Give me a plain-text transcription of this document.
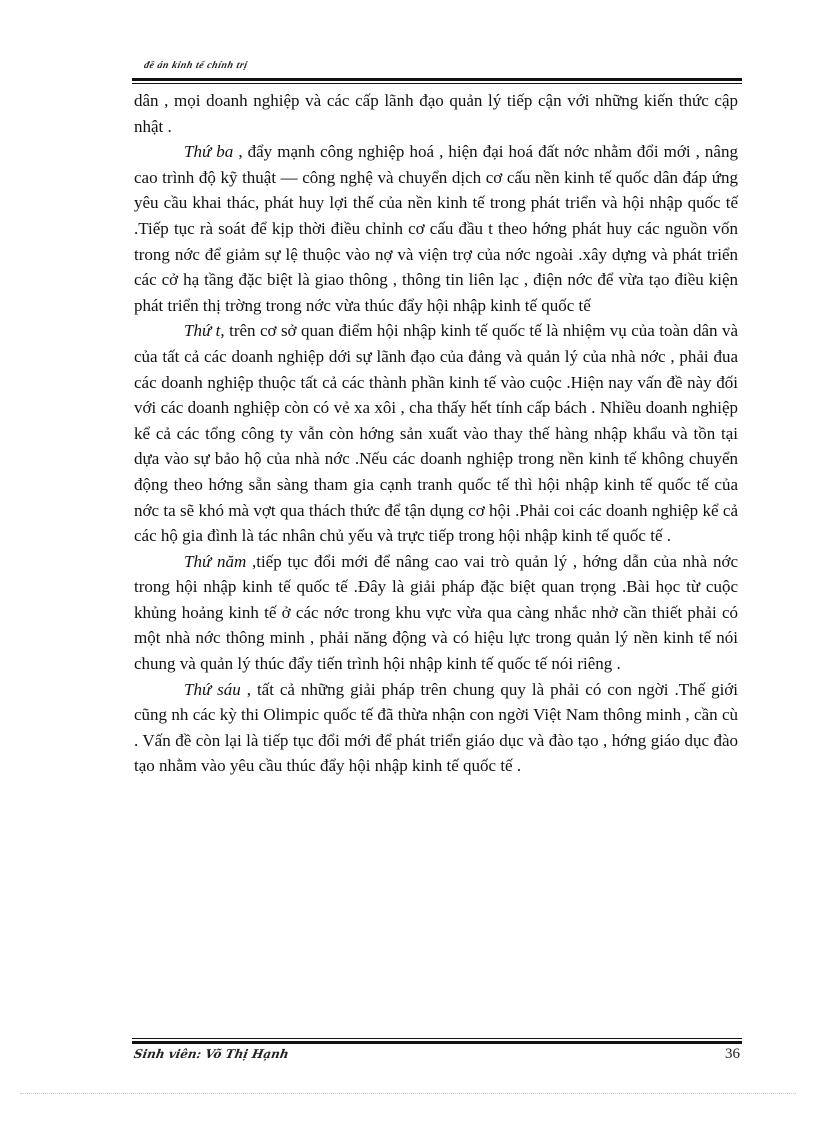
đề án kinh tế chính trị

dân , mọi doanh nghiệp và các cấp lãnh đạo quản lý tiếp cận với những kiến thức cập nhật .

Thứ ba , đẩy mạnh công nghiệp hoá , hiện đại hoá đất nớc nhằm đổi mới , nâng cao trình độ kỹ thuật — công nghệ và chuyển dịch cơ cấu nền kinh tế quốc dân đáp ứng yêu cầu khai thác, phát huy lợi thế của nền kinh tế trong phát triển và hội nhập quốc tế .Tiếp tục rà soát để kịp thời điều chỉnh cơ cấu đầu t theo hớng phát huy các nguồn vốn trong nớc để giảm sự lệ thuộc vào nợ và viện trợ của nớc ngoài .xây dựng và phát triển các cở hạ tầng đặc biệt là giao thông , thông tin liên lạc , điện nớc để vừa tạo điều kiện phát triển thị trờng trong nớc vừa thúc đẩy hội nhập kinh tế quốc tế

Thứ t, trên cơ sở quan điểm hội nhập kinh tế quốc tế là nhiệm vụ của toàn dân và của tất cả các doanh nghiệp dới sự lãnh đạo của đảng và quản lý của nhà nớc , phải đua các doanh nghiệp thuộc tất cả các thành phần kinh tế vào cuộc .Hiện nay vấn đề này đối với các doanh nghiệp còn có vẻ xa xôi , cha thấy hết tính cấp bách . Nhiều doanh nghiệp kể cả các tổng công ty vẫn còn hớng sản xuất vào thay thế hàng nhập khẩu và tồn tại dựa vào sự bảo hộ của nhà nớc .Nếu các doanh nghiệp trong nền kinh tế không chuyển động theo hớng sẵn sàng tham gia cạnh tranh quốc tế thì hội nhập kinh tế quốc tế của nớc ta sẽ khó mà vợt qua thách thức để tận dụng cơ hội .Phải coi các doanh nghiệp kể cả các hộ gia đình là tác nhân chủ yếu và trực tiếp trong hội nhập kinh tế quốc tế .

Thứ năm ,tiếp tục đổi mới để nâng cao vai trò quản lý , hớng dẫn của nhà nớc trong hội nhập kinh tế quốc tế .Đây là giải pháp đặc biệt quan trọng .Bài học từ cuộc khủng hoảng kinh tế ở các nớc trong khu vực vừa qua càng nhắc nhở cần thiết phải có một nhà nớc thông minh , phải năng động và có hiệu lực trong quản lý nền kinh tế nói chung và quản lý thúc đẩy tiến trình hội nhập kinh tế quốc tế nói riêng .

Thứ sáu , tất cả những giải pháp trên chung quy là phải có con ngời .Thế giới cũng nh các kỳ thi Olimpic quốc tế đã thừa nhận con ngời Việt Nam thông minh , cần cù . Vấn đề còn lại là tiếp tục đổi mới để phát triển giáo dục và đào tạo , hớng giáo dục đào tạo nhằm vào yêu cầu thúc đẩy hội nhập kinh tế quốc tế .

Sinh viên: Võ Thị Hạnh	36
